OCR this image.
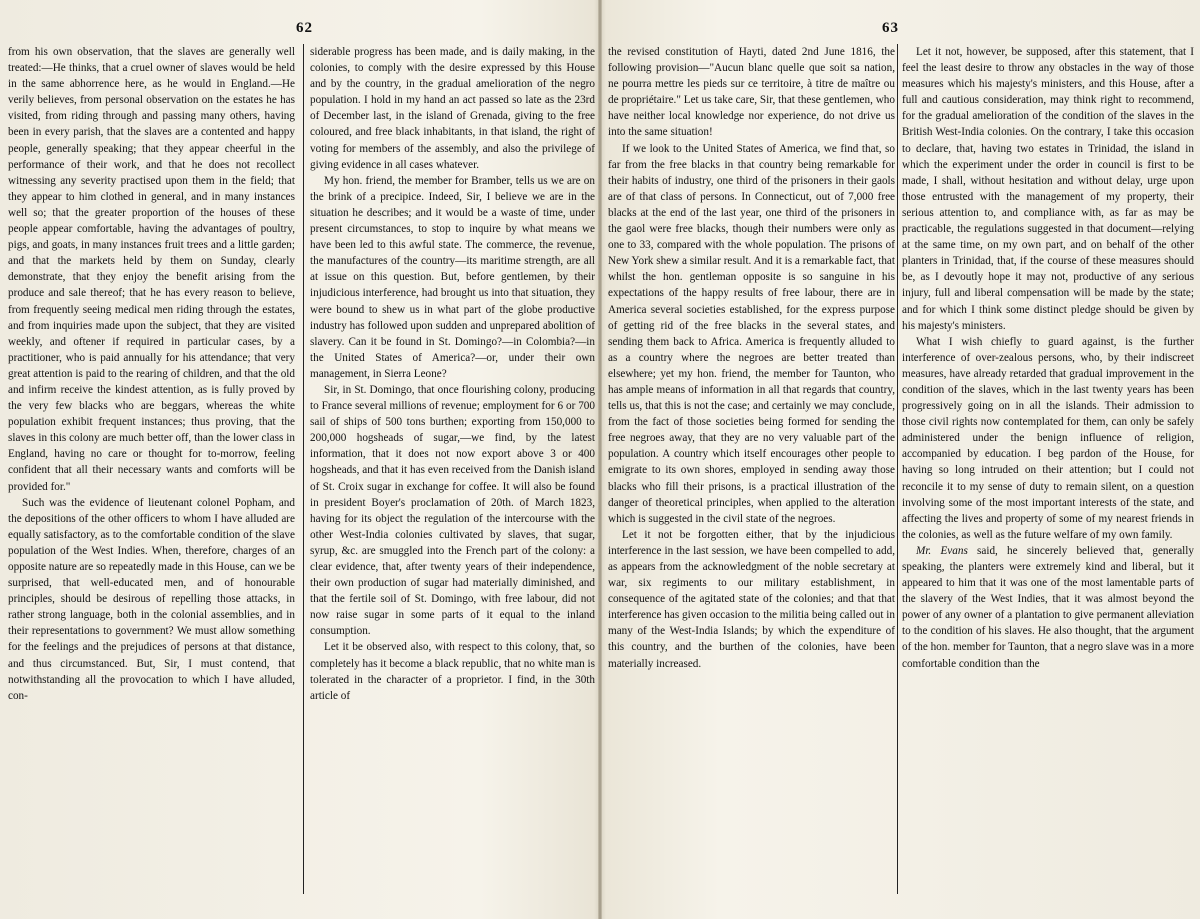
62

from his own observation, that the slaves are generally well treated:—He thinks, that a cruel owner of slaves would be held in the same abhorrence here, as he would in England.—He verily believes, from personal observation on the estates he has visited, from riding through and passing many others, having been in every parish, that the slaves are a contented and happy people, generally speaking; that they appear cheerful in the performance of their work, and that he does not recollect witnessing any severity practised upon them in the field; that they appear to him clothed in general, and in many instances well so; that the greater proportion of the houses of these people appear comfortable, having the advantages of poultry, pigs, and goats, in many instances fruit trees and a little garden; and that the markets held by them on Sunday, clearly demonstrate, that they enjoy the benefit arising from the produce and sale thereof; that he has every reason to believe, from frequently seeing medical men riding through the estates, and from inquiries made upon the subject, that they are visited weekly, and oftener if required in particular cases, by a practitioner, who is paid annually for his attendance; that very great attention is paid to the rearing of children, and that the old and infirm receive the kindest attention, as is fully proved by the very few blacks who are beggars, whereas the white population exhibit frequent instances; thus proving, that the slaves in this colony are much better off, than the lower class in England, having no care or thought for to-morrow, feeling confident that all their necessary wants and comforts will be provided for."

Such was the evidence of lieutenant colonel Popham, and the depositions of the other officers to whom I have alluded are equally satisfactory, as to the comfortable condition of the slave population of the West Indies. When, therefore, charges of an opposite nature are so repeatedly made in this House, can we be surprised, that well-educated men, and of honourable principles, should be desirous of repelling those attacks, in rather strong language, both in the colonial assemblies, and in their representations to government? We must allow something for the feelings and the prejudices of persons at that distance, and thus circumstanced. But, Sir, I must contend, that notwithstanding all the provocation to which I have alluded, con-

siderable progress has been made, and is daily making, in the colonies, to comply with the desire expressed by this House and by the country, in the gradual amelioration of the negro population. I hold in my hand an act passed so late as the 23rd of December last, in the island of Grenada, giving to the free coloured, and free black inhabitants, in that island, the right of voting for members of the assembly, and also the privilege of giving evidence in all cases whatever.

My hon. friend, the member for Bramber, tells us we are on the brink of a precipice. Indeed, Sir, I believe we are in the situation he describes; and it would be a waste of time, under present circumstances, to stop to inquire by what means we have been led to this awful state. The commerce, the revenue, the manufactures of the country—its maritime strength, are all at issue on this question. But, before gentlemen, by their injudicious interference, had brought us into that situation, they were bound to shew us in what part of the globe productive industry has followed upon sudden and unprepared abolition of slavery. Can it be found in St. Domingo?—in Colombia?—in the United States of America?—or, under their own management, in Sierra Leone?

Sir, in St. Domingo, that once flourishing colony, producing to France several millions of revenue; employment for 6 or 700 sail of ships of 500 tons burthen; exporting from 150,000 to 200,000 hogsheads of sugar,—we find, by the latest information, that it does not now export above 3 or 400 hogsheads, and that it has even received from the Danish island of St. Croix sugar in exchange for coffee. It will also be found in president Boyer's proclamation of 20th. of March 1823, having for its object the regulation of the intercourse with the other West-India colonies cultivated by slaves, that sugar, syrup, &c. are smuggled into the French part of the colony: a clear evidence, that, after twenty years of their independence, their own production of sugar had materially diminished, and that the fertile soil of St. Domingo, with free labour, did not now raise sugar in some parts of it equal to the inland consumption.

Let it be observed also, with respect to this colony, that, so completely has it become a black republic, that no white man is tolerated in the character of a proprietor. I find, in the 30th article of

63

the revised constitution of Hayti, dated 2nd June 1816, the following provision—"Aucun blanc quelle que soit sa nation, ne pourra mettre les pieds sur ce territoire, à titre de maître ou de propriétaire." Let us take care, Sir, that these gentlemen, who have neither local knowledge nor experience, do not drive us into the same situation!

If we look to the United States of America, we find that, so far from the free blacks in that country being remarkable for their habits of industry, one third of the prisoners in their gaols are of that class of persons. In Connecticut, out of 7,000 free blacks at the end of the last year, one third of the prisoners in the gaol were free blacks, though their numbers were only as one to 33, compared with the whole population. The prisons of New York shew a similar result. And it is a remarkable fact, that whilst the hon. gentleman opposite is so sanguine in his expectations of the happy results of free labour, there are in America several societies established, for the express purpose of getting rid of the free blacks in the several states, and sending them back to Africa. America is frequently alluded to as a country where the negroes are better treated than elsewhere; yet my hon. friend, the member for Taunton, who has ample means of information in all that regards that country, tells us, that this is not the case; and certainly we may conclude, from the fact of those societies being formed for sending the free negroes away, that they are no very valuable part of the population. A country which itself encourages other people to emigrate to its own shores, employed in sending away those blacks who fill their prisons, is a practical illustration of the danger of theoretical principles, when applied to the alteration which is suggested in the civil state of the negroes.

Let it not be forgotten either, that by the injudicious interference in the last session, we have been compelled to add, as appears from the acknowledgment of the noble secretary at war, six regiments to our military establishment, in consequence of the agitated state of the colonies; and that that interference has given occasion to the militia being called out in many of the West-India Islands; by which the expenditure of this country, and the burthen of the colonies, have been materially increased.

Let it not, however, be supposed, after this statement, that I feel the least desire to throw any obstacles in the way of those measures which his majesty's ministers, and this House, after a full and cautious consideration, may think right to recommend, for the gradual amelioration of the condition of the slaves in the British West-India colonies. On the contrary, I take this occasion to declare, that, having two estates in Trinidad, the island in which the experiment under the order in council is first to be made, I shall, without hesitation and without delay, urge upon those entrusted with the management of my property, their serious attention to, and compliance with, as far as may be practicable, the regulations suggested in that document—relying at the same time, on my own part, and on behalf of the other planters in Trinidad, that, if the course of these measures should be, as I devoutly hope it may not, productive of any serious injury, full and liberal compensation will be made by the state; and for which I think some distinct pledge should be given by his majesty's ministers.

What I wish chiefly to guard against, is the further interference of over-zealous persons, who, by their indiscreet measures, have already retarded that gradual improvement in the condition of the slaves, which in the last twenty years has been progressively going on in all the islands. Their admission to those civil rights now contemplated for them, can only be safely administered under the benign influence of religion, accompanied by education. I beg pardon of the House, for having so long intruded on their attention; but I could not reconcile it to my sense of duty to remain silent, on a question involving some of the most important interests of the state, and affecting the lives and property of some of my nearest friends in the colonies, as well as the future welfare of my own family.

Mr. Evans said, he sincerely believed that, generally speaking, the planters were extremely kind and liberal, but it appeared to him that it was one of the most lamentable parts of the slavery of the West Indies, that it was almost beyond the power of any owner of a plantation to give permanent alleviation to the condition of his slaves. He also thought, that the argument of the hon. member for Taunton, that a negro slave was in a more comfortable condition than the
